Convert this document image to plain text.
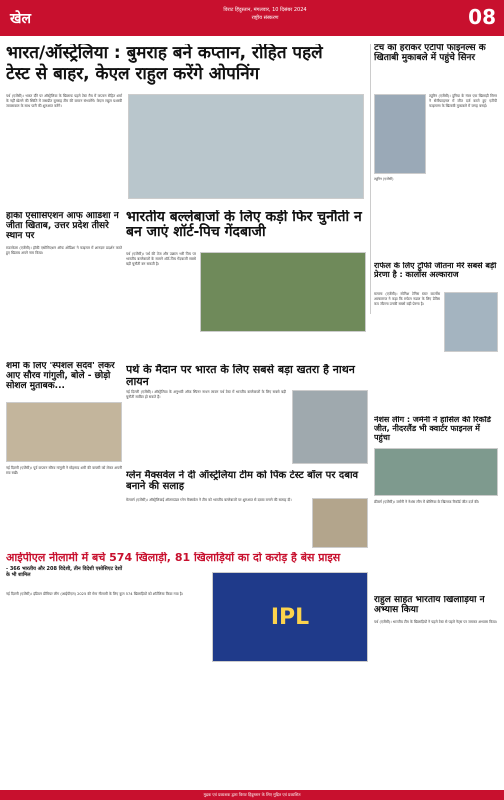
खेल
विराट हिंदुस्तान, मंगलवार, 10 दिसंबर 2024
राष्ट्रीय संस्करण	08
भारत/ऑस्ट्रेलिया : बुमराह बने कप्तान, रोहित पहले
टेस्ट से बाहर, केएल राहुल करेंगे ओपनिंग
पर्थ (एजेंसी)। भारत दौरे पर ऑस्ट्रेलिया के खिलाफ पहले टेस्ट मैच में कप्तान रोहित शर्मा के नहीं खेलने की स्थिति में जसप्रीत बुमराह टीम की कमान संभालेंगे। केएल राहुल यशस्वी जायसवाल के साथ पारी की शुरुआत करेंगे।
टच को हराकर एटीपी फाइनल्स के खिताबी मुकाबले में पहुंचे सिनर
ट्यूरिन (एजेंसी)। दुनिया के नंबर एक खिलाड़ी सिनर ने सेमीफाइनल में जीत दर्ज करते हुए एटीपी फाइनल्स के खिताबी मुकाबले में जगह बनाई।
ट्यूरिन (एजेंसी)
हॉकी एसोसिएशन ऑफ ओडिशा ने जीता खिताब, उत्तर प्रदेश तीसरे स्थान पर
राउरकेला (एजेंसी)। हॉकी एसोसिएशन ऑफ ओडिशा ने फाइनल में शानदार प्रदर्शन करते हुए खिताब अपने नाम किया।
भारतीय बल्लेबाजों के लिए कड़ी फिर चुनौती न बन जाएं शॉर्ट-पिच गेंदबाजी
पर्थ (एजेंसी)। पर्थ की तेज और उछाल भरी पिच पर भारतीय बल्लेबाजों के सामने शॉर्ट-पिच गेंदबाजी सबसे बड़ी चुनौती बन सकती है।	राफेल के लिए ट्रॉफी जीतना मेरे सबसे बड़ी प्रेरणा है : कार्लोस अल्काराज
मलागा (एजेंसी)। स्पेनिश टेनिस स्टार कार्लोस अल्काराज ने कहा कि राफेल नडाल के लिए डेविस कप जीतना उनकी सबसे बड़ी प्रेरणा है।
शमी के लिए 'स्पेशल सदैव' लेकर आए सौरव गांगुली, बोले - छोड़ो सोशल मुताबक...
नई दिल्ली (एजेंसी)। पूर्व कप्तान सौरव गांगुली ने मोहम्मद शमी की वापसी को लेकर अपनी राय रखी।
पर्थ के मैदान पर भारत के लिए सबसे बड़ा खतरा है नाथन लायन
नई दिल्ली (एजेंसी)। ऑस्ट्रेलिया के अनुभवी ऑफ स्पिनर नाथन लायन पर्थ टेस्ट में भारतीय बल्लेबाजों के लिए सबसे बड़ी चुनौती साबित हो सकते हैं।
नेशंस लीग : जर्मनी ने हासिल की रिकॉर्ड जीत, नीदरलैंड भी क्वार्टर फाइनल में पहुंचा
ग्लेन मैक्सवेल ने दी ऑस्ट्रेलिया टीम को पिंक टेस्ट बॉल पर दबाव बनाने की सलाह
मेलबर्न (एजेंसी)। ऑस्ट्रेलियाई ऑलराउंडर ग्लेन मैक्सवेल ने टीम को भारतीय बल्लेबाजों पर शुरुआत से दबाव बनाने की सलाह दी।	फ्रीबर्ग (एजेंसी)। जर्मनी ने नेशंस लीग में बोस्निया के खिलाफ रिकॉर्ड जीत दर्ज की।
आईपीएल नीलामी में बचे 574 खिलाड़ी, 81 खिलाड़ियों का दो करोड़ है बेस प्राइस
- 366 भारतीय और 208 विदेशी, तीन विदेशी एसोसिएट देशों के भी शामिल
नई दिल्ली (एजेंसी)। इंडियन प्रीमियर लीग (आईपीएल) 2025 की मेगा नीलामी के लिए कुल 574 खिलाड़ियों को शॉर्टलिस्ट किया गया है।
IPL
राहुल सहित भारतीय खिलाड़ियों ने अभ्यास किया
पर्थ (एजेंसी)। भारतीय टीम के खिलाड़ियों ने पहले टेस्ट से पहले नेट्स पर जमकर अभ्यास किया।
मुद्रक एवं प्रकाशक द्वारा विराट हिंदुस्तान के लिए मुद्रित एवं प्रकाशित
